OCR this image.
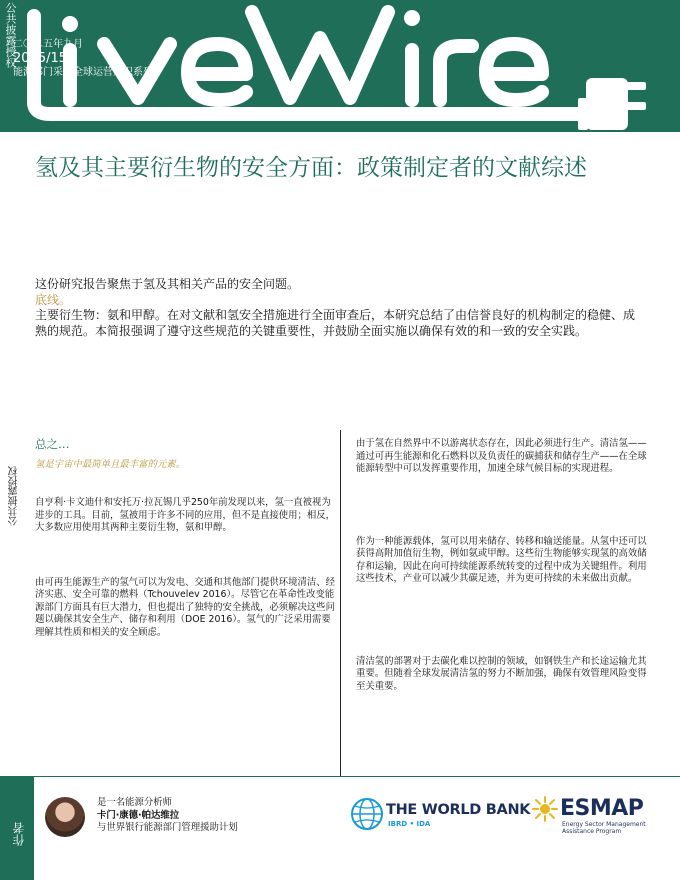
公共披露授权
二〇二五年九月
2025/152
能源部门采集全球运营知识系列
氢及其主要衍生物的安全方面：政策制定者的文献综述
这份研究报告聚焦于氢及其相关产品的安全问题。
底线。
主要衍生物：氨和甲醇。在对文献和氢安全措施进行全面审查后，本研究总结了由信誉良好的机构制定的稳健、成熟的规范。本简报强调了遵守这些规范的关键重要性，并鼓励全面实施以确保有效的和一致的安全实践。
公共披露授权

总之…

氢是宇宙中最简单且最丰富的元素。

自亨利·卡文迪什和安托万·拉瓦锡几乎250年前发现以来，氢一直被视为进步的工具。目前，氢被用于许多不同的应用，但不是直接使用；相反，大多数应用使用其两种主要衍生物，氨和甲醇。

由可再生能源生产的氢气可以为发电、交通和其他部门提供环境清洁、经济实惠、安全可靠的燃料（Tchouvelev 2016）。尽管它在革命性改变能源部门方面具有巨大潜力，但也提出了独特的安全挑战，必须解决这些问题以确保其安全生产、储存和利用（DOE 2016）。氢气的广泛采用需要理解其性质和相关的安全顾虑。

由于氢在自然界中不以游离状态存在，因此必须进行生产。清洁氢——通过可再生能源和化石燃料以及负责任的碳捕获和储存生产——在全球能源转型中可以发挥重要作用，加速全球气候目标的实现进程。

作为一种能源载体，氢可以用来储存、转移和输送能量。从氢中还可以获得高附加值衍生物，例如氨或甲醇。这些衍生物能够实现氢的高效储存和运输，因此在向可持续能源系统转变的过程中成为关键组件。利用这些技术，产业可以减少其碳足迹，并为更可持续的未来做出贡献。

清洁氢的部署对于去碳化难以控制的领域，如钢铁生产和长途运输尤其重要。但随着全球发展清洁氢的努力不断加强，确保有效管理风险变得至关重要。

作者
是一名能源分析师
卡门·康德·帕达维拉
与世界银行能源部门管理援助计划
THE WORLD BANK
IBRD • IDA
ESMAP
Energy Sector Management Assistance Program
